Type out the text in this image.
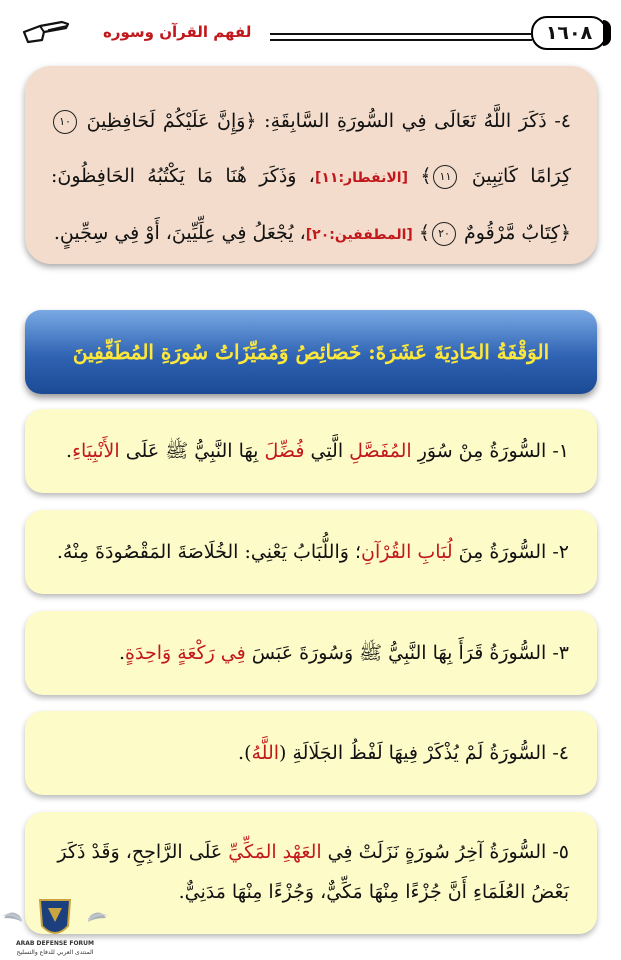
١٦٠٨
لفهم القرآن وسوره

٤- ذَكَرَ اللَّهُ تَعَالَى فِي السُّورَةِ السَّابِقَةِ: ﴿وَإِنَّ عَلَيْكُمْ لَحَافِظِينَ ١٠ كِرَامًا كَاتِبِينَ ١١﴾ [الانفطار:١١]، وَذَكَرَ هُنَا مَا يَكْتُبُهُ الحَافِظُونَ: ﴿كِتَابٌ مَّرْقُومٌ ٢٠﴾ [المطففين:٢٠]، يُجْعَلُ فِي عِلِّيِّينَ، أَوْ فِي سِجِّينٍ.

الوَقْفَةُ الحَادِيَةَ عَشَرَةَ: خَصَائِصُ وَمُمَيِّزَاتُ سُورَةِ المُطَفِّفِينَ

١- السُّورَةُ مِنْ سُوَرِ المُفَصَّلِ الَّتِي فُضِّلَ بِهَا النَّبِيُّ ﷺ عَلَى الأَنْبِيَاءِ.

٢- السُّورَةُ مِنَ لُبَابِ القُرْآنِ؛ وَاللُّبَابُ يَعْنِي: الخُلَاصَةَ المَقْصُودَةَ مِنْهُ.

٣- السُّورَةُ قَرَأَ بِهَا النَّبِيُّ ﷺ وَسُورَةَ عَبَسَ فِي رَكْعَةٍ وَاحِدَةٍ.

٤- السُّورَةُ لَمْ يُذْكَرْ فِيهَا لَفْظُ الجَلَالَةِ (اللَّهُ).

٥- السُّورَةُ آخِرُ سُورَةٍ نَزَلَتْ فِي العَهْدِ المَكِّيِّ عَلَى الرَّاجِحِ، وَقَدْ ذَكَرَ بَعْضُ العُلَمَاءِ أَنَّ جُزْءًا مِنْهَا مَكِّيٌّ، وَجُزْءًا مِنْهَا مَدَنِيٌّ.

ARAB DEFENSE FORUM
المنتدى العربي للدفاع والتسليح
